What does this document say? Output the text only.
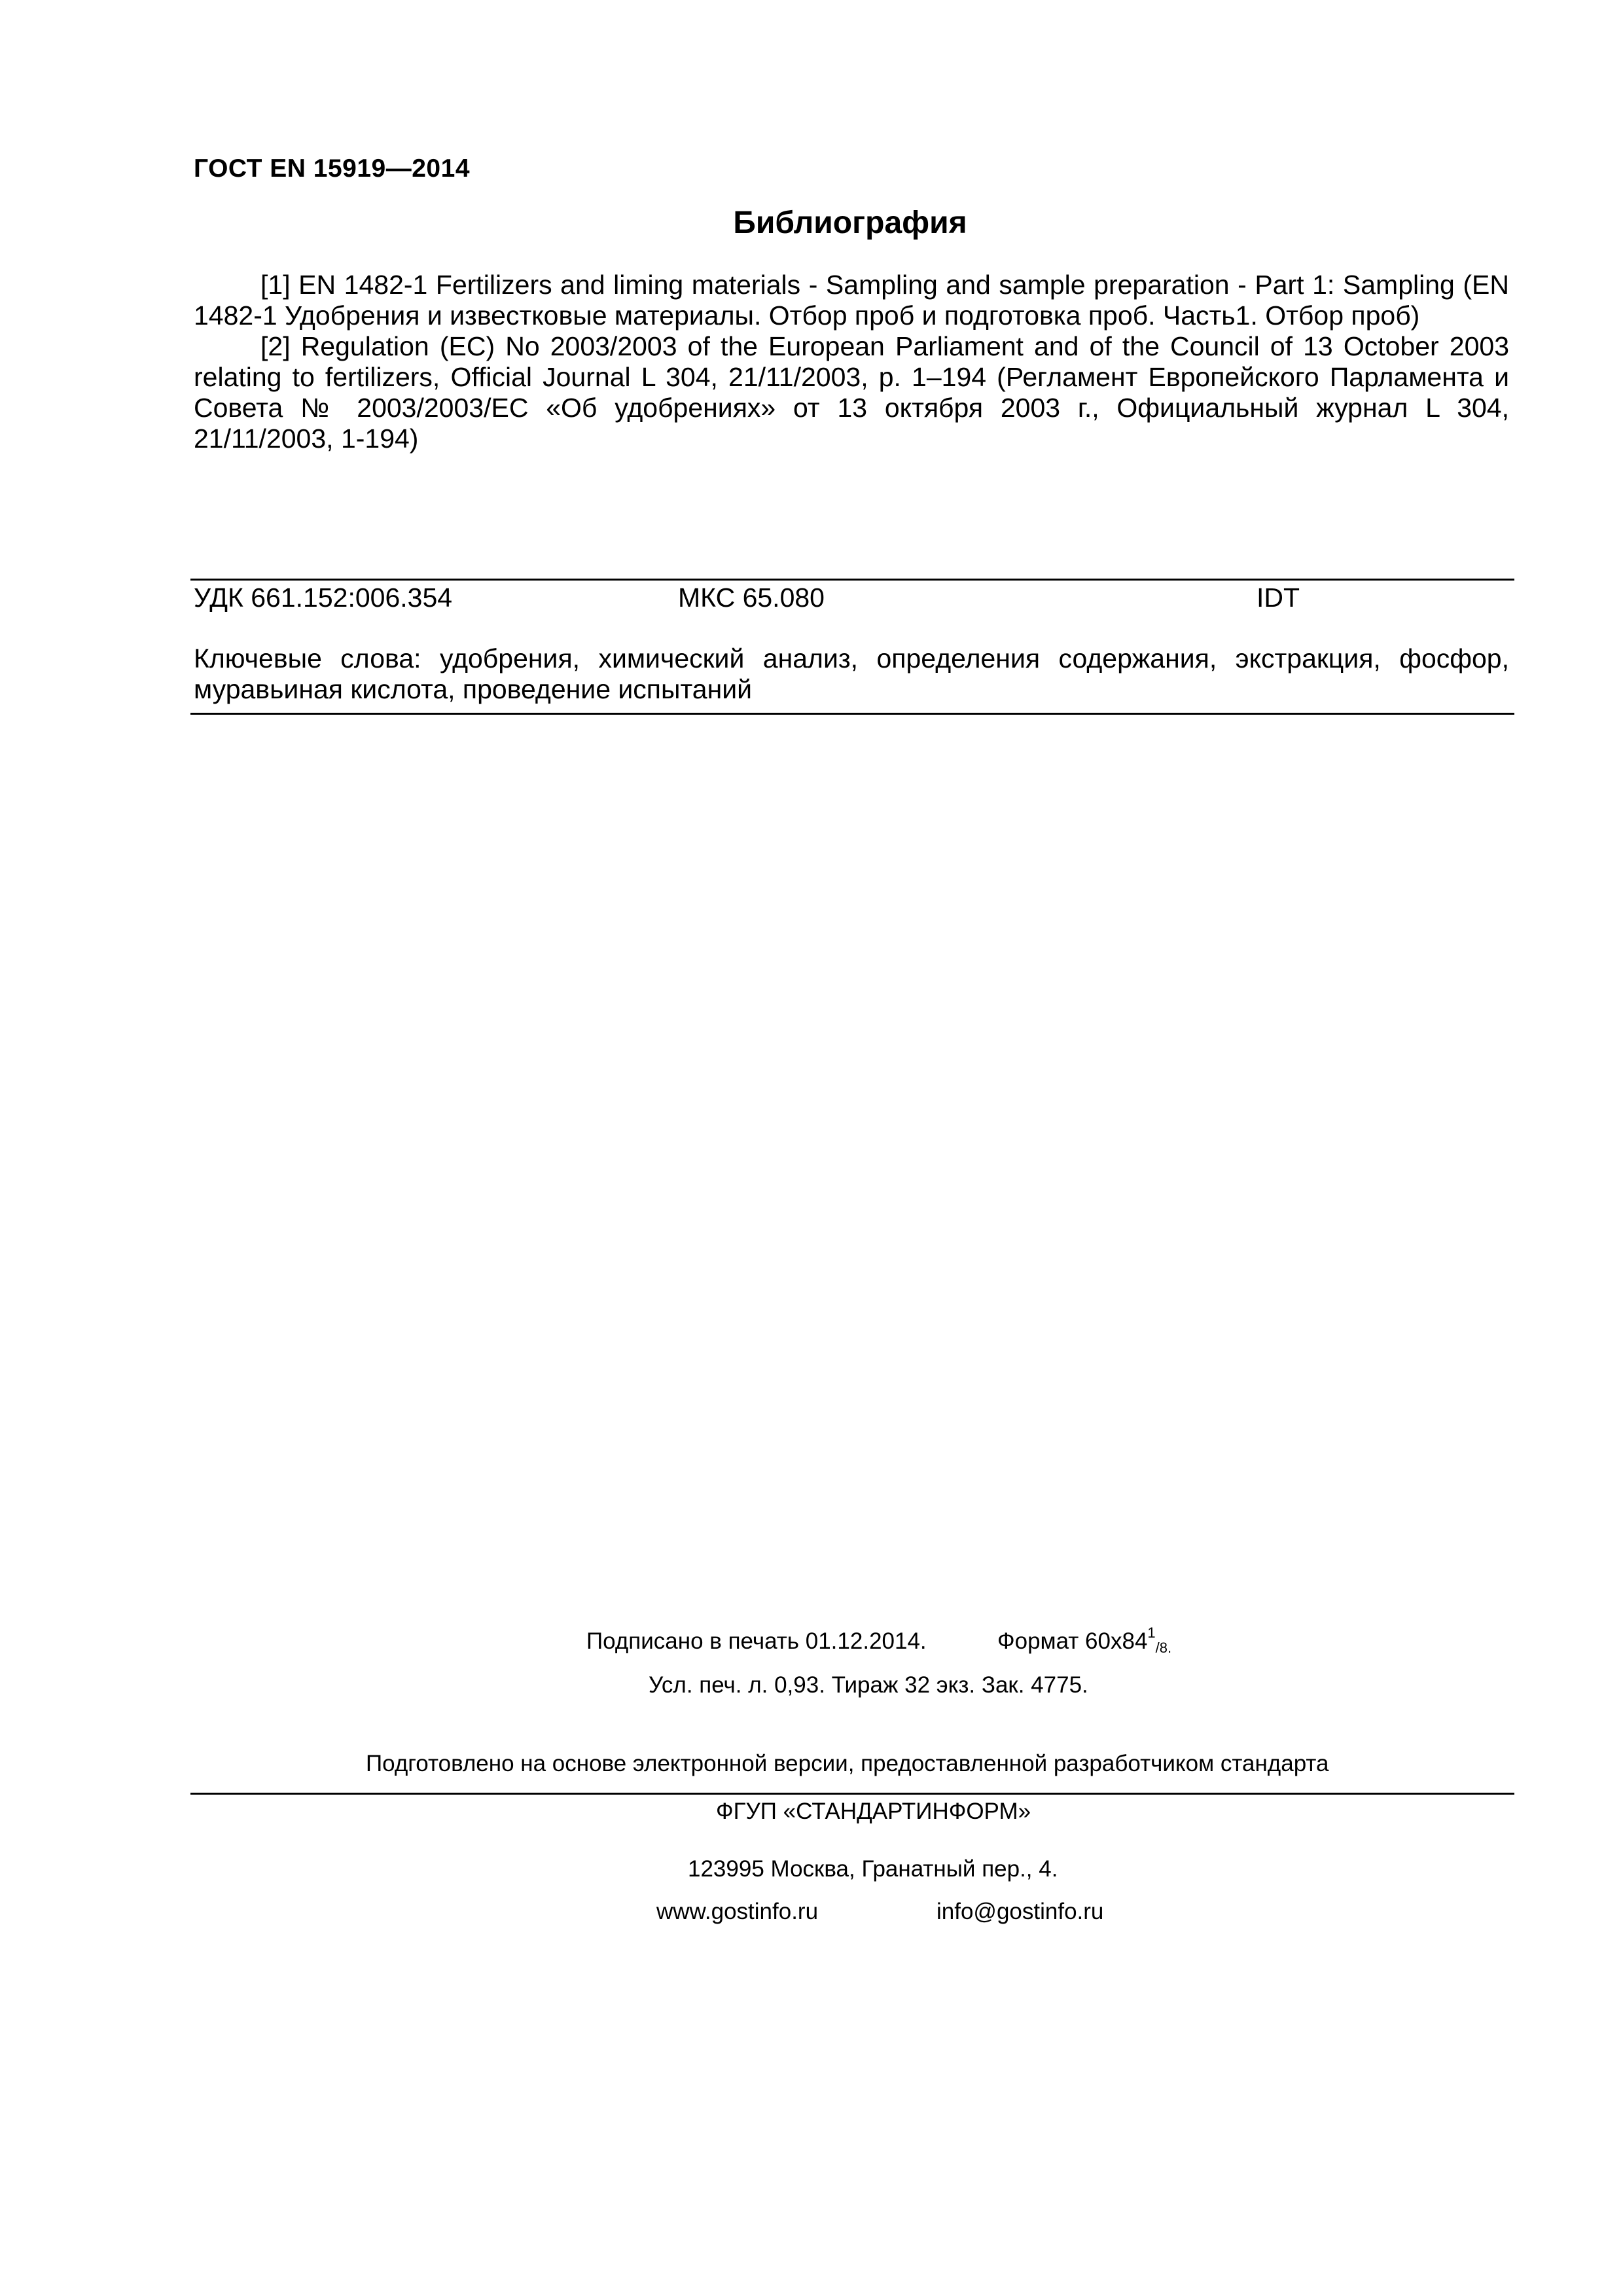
ГОСТ EN 15919—2014
Библиография

[1] EN 1482-1 Fertilizers and liming materials - Sampling and sample preparation - Part 1: Sampling (EN 1482-1 Удобрения и известковые материалы. Отбор проб и подготовка проб. Часть1. Отбор проб)

[2] Regulation (EC) No 2003/2003 of the European Parliament and of the Council of 13 October 2003 relating to fertilizers, Official Journal L 304, 21/11/2003, p. 1–194 (Регламент Европейского Парламента и Совета № 2003/2003/EC «Об удобрениях» от 13 октября 2003 г., Официальный журнал L 304, 21/11/2003, 1-194)

УДК 661.152:006.354	МКС 65.080	IDT
Ключевые слова: удобрения, химический анализ, определения содержания, экстракция, фосфор, муравьиная кислота, проведение испытаний
Подписано в печать 01.12.2014.	Формат $60x84^1_{/8.}$
Усл. печ. л. 0,93. Тираж 32 экз. Зак. 4775.
Подготовлено на основе электронной версии, предоставленной разработчиком стандарта
ФГУП «СТАНДАРТИНФОРМ»
123995 Москва, Гранатный пер., 4.
www.gostinfo.ru	info@gostinfo.ru
